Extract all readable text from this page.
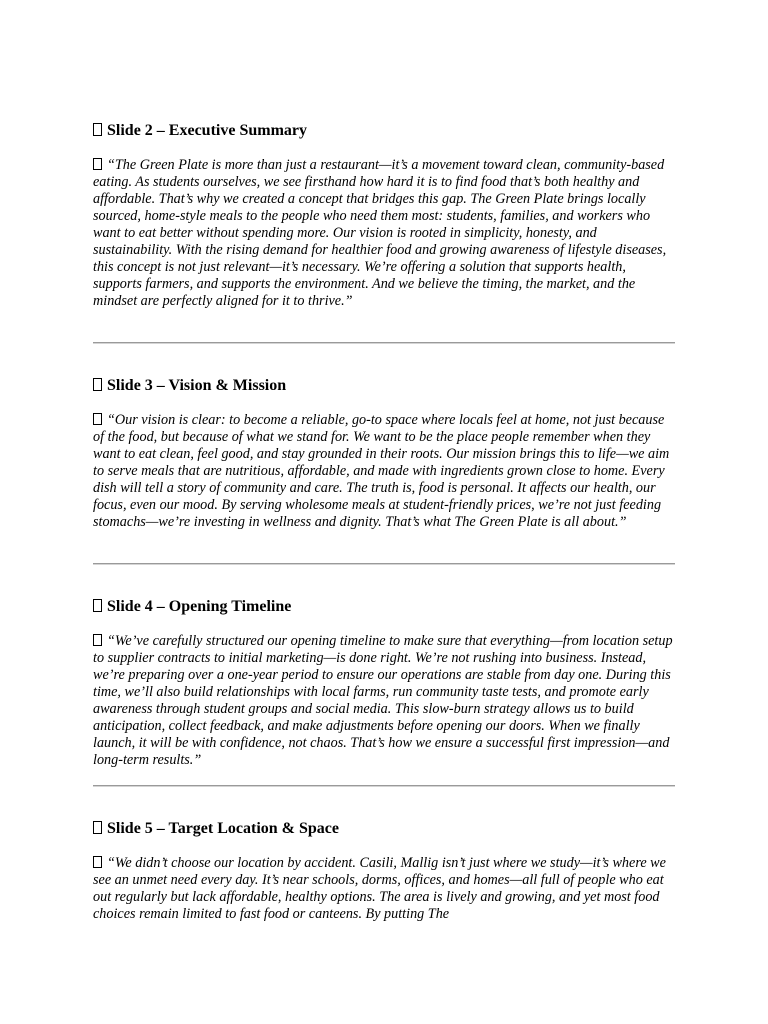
Slide 2 – Executive Summary

“The Green Plate is more than just a restaurant—it’s a movement toward clean, community-based eating. As students ourselves, we see firsthand how hard it is to find food that’s both healthy and affordable. That’s why we created a concept that bridges this gap. The Green Plate brings locally sourced, home-style meals to the people who need them most: students, families, and workers who want to eat better without spending more. Our vision is rooted in simplicity, honesty, and sustainability. With the rising demand for healthier food and growing awareness of lifestyle diseases, this concept is not just relevant—it’s necessary. We’re offering a solution that supports health, supports farmers, and supports the environment. And we believe the timing, the market, and the mindset are perfectly aligned for it to thrive.”

Slide 3 – Vision & Mission

“Our vision is clear: to become a reliable, go-to space where locals feel at home, not just because of the food, but because of what we stand for. We want to be the place people remember when they want to eat clean, feel good, and stay grounded in their roots. Our mission brings this to life—we aim to serve meals that are nutritious, affordable, and made with ingredients grown close to home. Every dish will tell a story of community and care. The truth is, food is personal. It affects our health, our focus, even our mood. By serving wholesome meals at student-friendly prices, we’re not just feeding stomachs—we’re investing in wellness and dignity. That’s what The Green Plate is all about.”

Slide 4 – Opening Timeline

“We’ve carefully structured our opening timeline to make sure that everything—from location setup to supplier contracts to initial marketing—is done right. We’re not rushing into business. Instead, we’re preparing over a one-year period to ensure our operations are stable from day one. During this time, we’ll also build relationships with local farms, run community taste tests, and promote early awareness through student groups and social media. This slow-burn strategy allows us to build anticipation, collect feedback, and make adjustments before opening our doors. When we finally launch, it will be with confidence, not chaos. That’s how we ensure a successful first impression—and long-term results.”

Slide 5 – Target Location & Space

“We didn’t choose our location by accident. Casili, Mallig isn’t just where we study—it’s where we see an unmet need every day. It’s near schools, dorms, offices, and homes—all full of people who eat out regularly but lack affordable, healthy options. The area is lively and growing, and yet most food choices remain limited to fast food or canteens. By putting The
